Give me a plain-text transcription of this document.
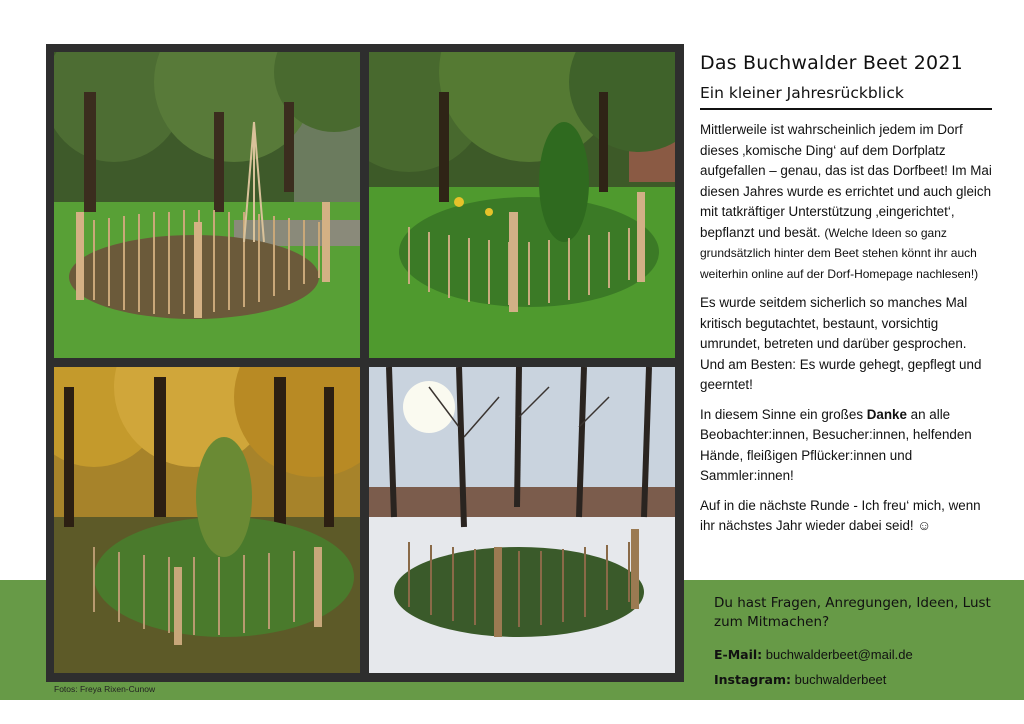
Fotos: Freya Rixen-Cunow
Das Buchwalder Beet 2021
Ein kleiner Jahresrückblick

Mittlerweile ist wahrscheinlich jedem im Dorf dieses ‚komische Ding‘ auf dem Dorfplatz aufgefallen – genau, das ist das Dorfbeet! Im Mai diesen Jahres wurde es errichtet und auch gleich mit tatkräftiger Unterstützung ‚eingerichtet‘, bepflanzt und besät. (Welche Ideen so ganz grundsätzlich hinter dem Beet stehen könnt ihr auch weiterhin online auf der Dorf-Homepage nachlesen!)

Es wurde seitdem sicherlich so manches Mal kritisch begutachtet, bestaunt, vorsichtig umrundet, betreten und darüber gesprochen. Und am Besten: Es wurde gehegt, gepflegt und geerntet!

In diesem Sinne ein großes Danke an alle Beobachter:innen, Besucher:innen, helfenden Hände, fleißigen Pflücker:innen und Sammler:innen!

Auf in die nächste Runde - Ich freu‘ mich, wenn ihr nächstes Jahr wieder dabei seid! ☺

Du hast Fragen, Anregungen, Ideen, Lust zum Mitmachen?
E-Mail: buchwalderbeet@mail.de
Instagram: buchwalderbeet
